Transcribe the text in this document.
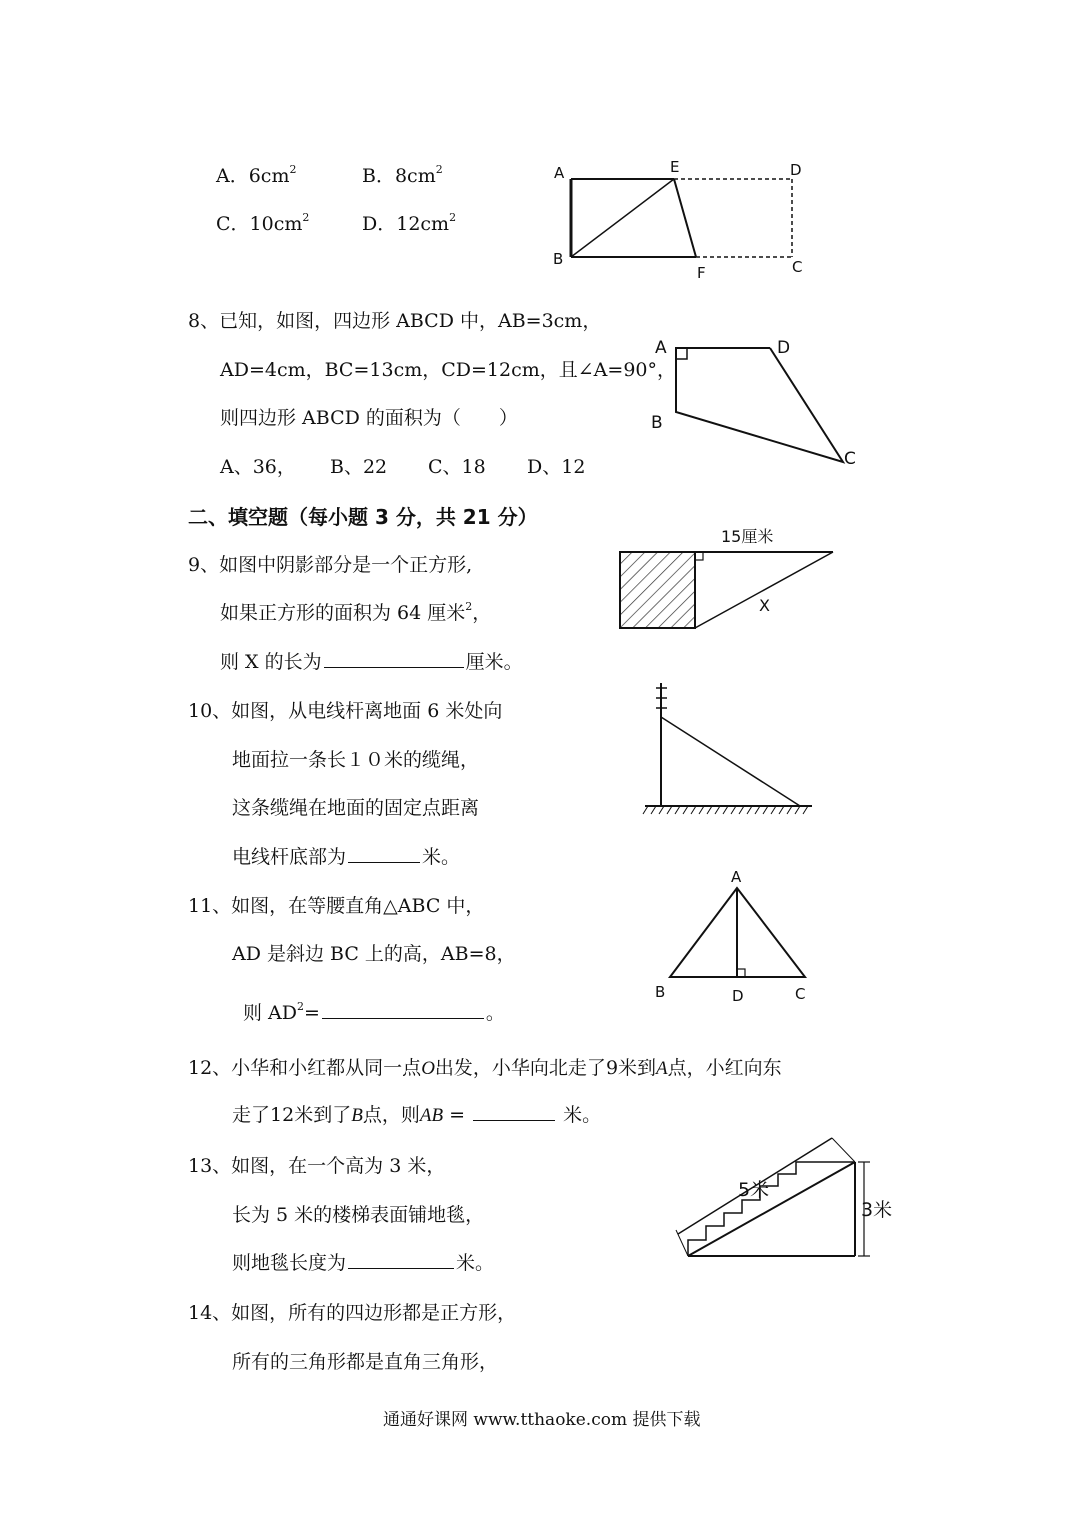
A．$6cm^2$	B．$8cm^2$
C．$10cm^2$	D．$12cm^2$
A	E	D
B
F	C
8、已知，如图，四边形 ABCD 中，AB=3cm，
AD=4cm，BC=13cm，CD=12cm，且∠A=90°，
则四边形 ABCD 的面积为（　　）
A、36， B、22 C、18 D、12
A	D
B
C
二、填空题（每小题 3 分，共 21 分）
9、如图中阴影部分是一个正方形,
如果正方形的面积为 64 厘米$^2$，
则 X 的长为	厘米。
15厘米
X
10、如图，从电线杆离地面 6 米处向
地面拉一条长１０米的缆绳，
这条缆绳在地面的固定点距离
电线杆底部为	米。
11、如图，在等腰直角△ABC 中，
AD 是斜边 BC 上的高，AB=8，
则 $AD^2=$	。
A
B	D	C
12、小华和小红都从同一点O出发，小华向北走了9米到A点，小红向东
走了12米到了B点，则AB =	米。
13、如图，在一个高为 3 米，
长为 5 米的楼梯表面铺地毯，
则地毯长度为	米。
5米
3米
14、如图，所有的四边形都是正方形，
所有的三角形都是直角三角形，
通通好课网 www.tthaoke.com 提供下载
